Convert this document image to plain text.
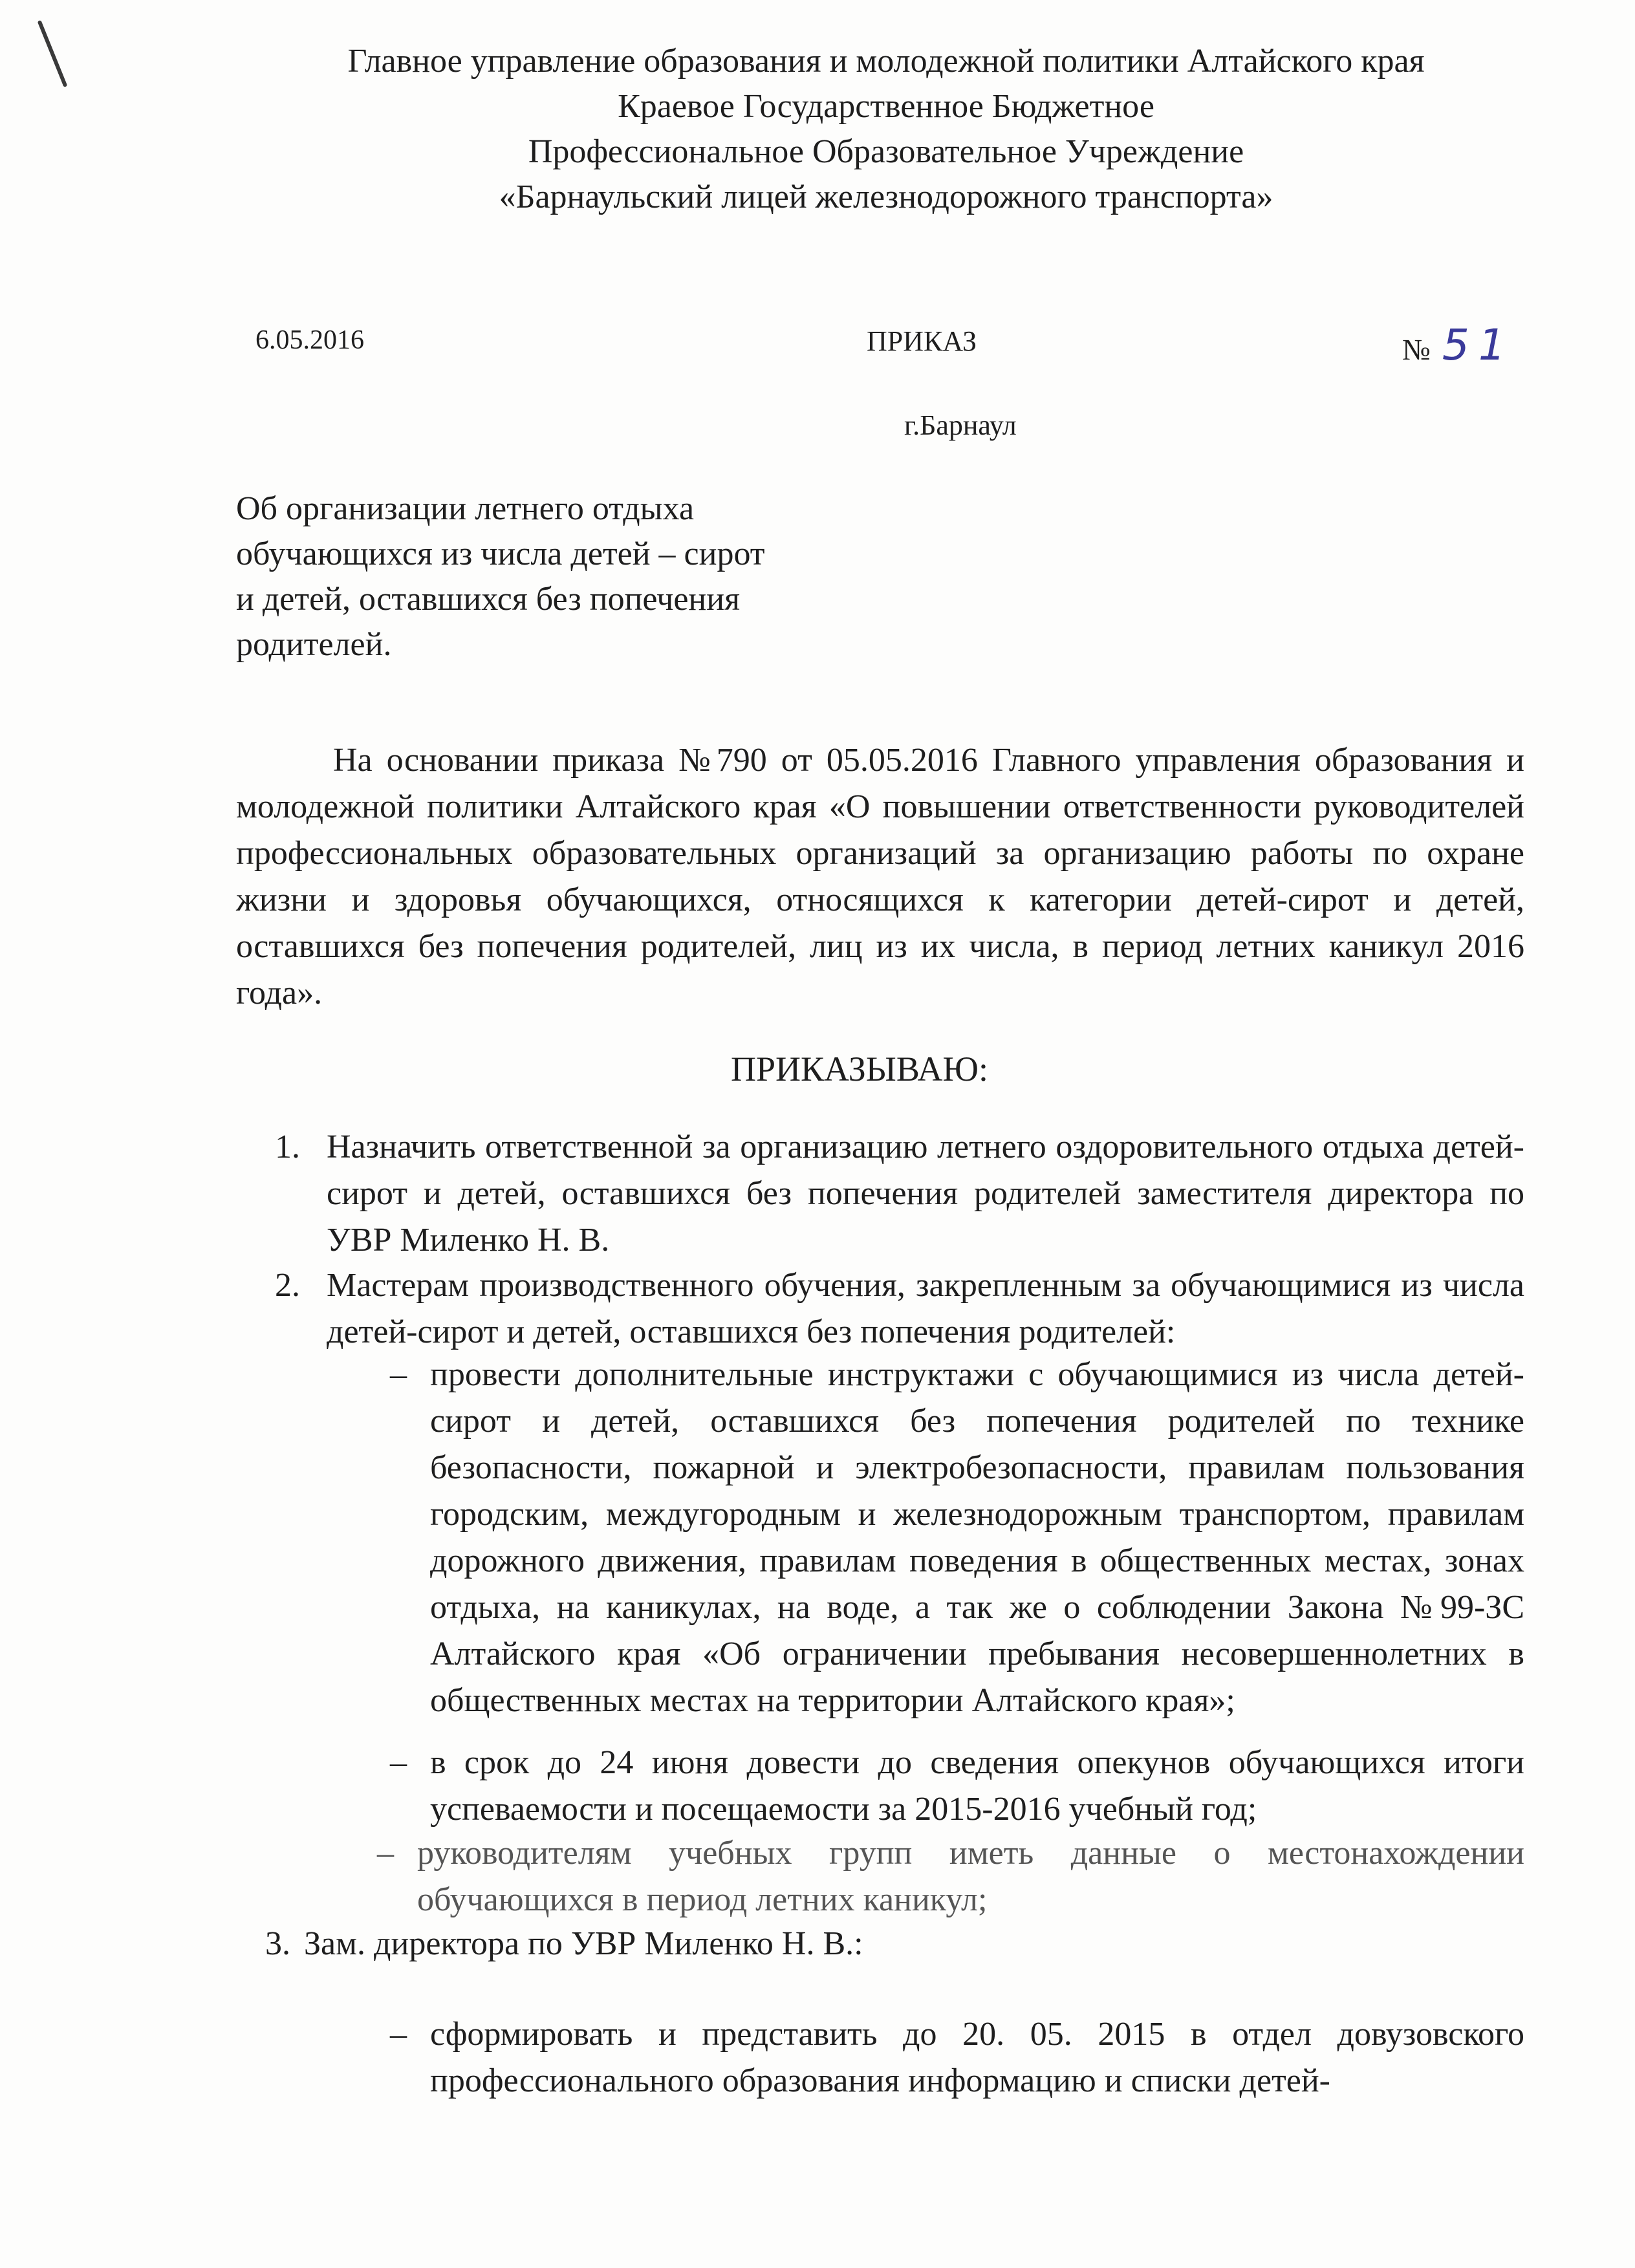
Главное управление образования и молодежной политики Алтайского края
Краевое Государственное Бюджетное
Профессиональное Образовательное Учреждение
«Барнаульский лицей железнодорожного транспорта»
6.05.2016	ПРИКАЗ	№ 51
г.Барнаул
Об организации летнего отдыха
обучающихся из числа детей – сирот
и детей, оставшихся без попечения
родителей.
На основании приказа №790 от 05.05.2016 Главного управления образования и молодежной политики Алтайского края «О повышении ответственности руководителей профессиональных образовательных организаций за организацию работы по охране жизни и здоровья обучающихся, относящихся к категории детей-сирот и детей, оставшихся без попечения родителей, лиц из их числа, в период летних каникул 2016 года».
ПРИКАЗЫВАЮ:
1. Назначить ответственной за организацию летнего оздоровительного отдыха детей-сирот и детей, оставшихся без попечения родителей заместителя директора по УВР Миленко Н. В.
2. Мастерам производственного обучения, закрепленным за обучающимися из числа детей-сирот и детей, оставшихся без попечения родителей:
– провести дополнительные инструктажи с обучающимися из числа детей-сирот и детей, оставшихся без попечения родителей по технике безопасности, пожарной и электробезопасности, правилам пользования городским, междугородным и железнодорожным транспортом, правилам дорожного движения, правилам поведения в общественных местах, зонах отдыха, на каникулах, на воде, а так же о соблюдении Закона №99-ЗС Алтайского края «Об ограничении пребывания несовершеннолетних в общественных местах на территории Алтайского края»;
– в срок до 24 июня довести до сведения опекунов обучающихся итоги успеваемости и посещаемости за 2015-2016 учебный год;
– руководителям учебных групп иметь данные о местонахождении обучающихся в период летних каникул;
3. Зам. директора по УВР Миленко Н. В.:
– сформировать и представить до 20. 05. 2015 в отдел довузовского профессионального образования информацию и списки детей-
